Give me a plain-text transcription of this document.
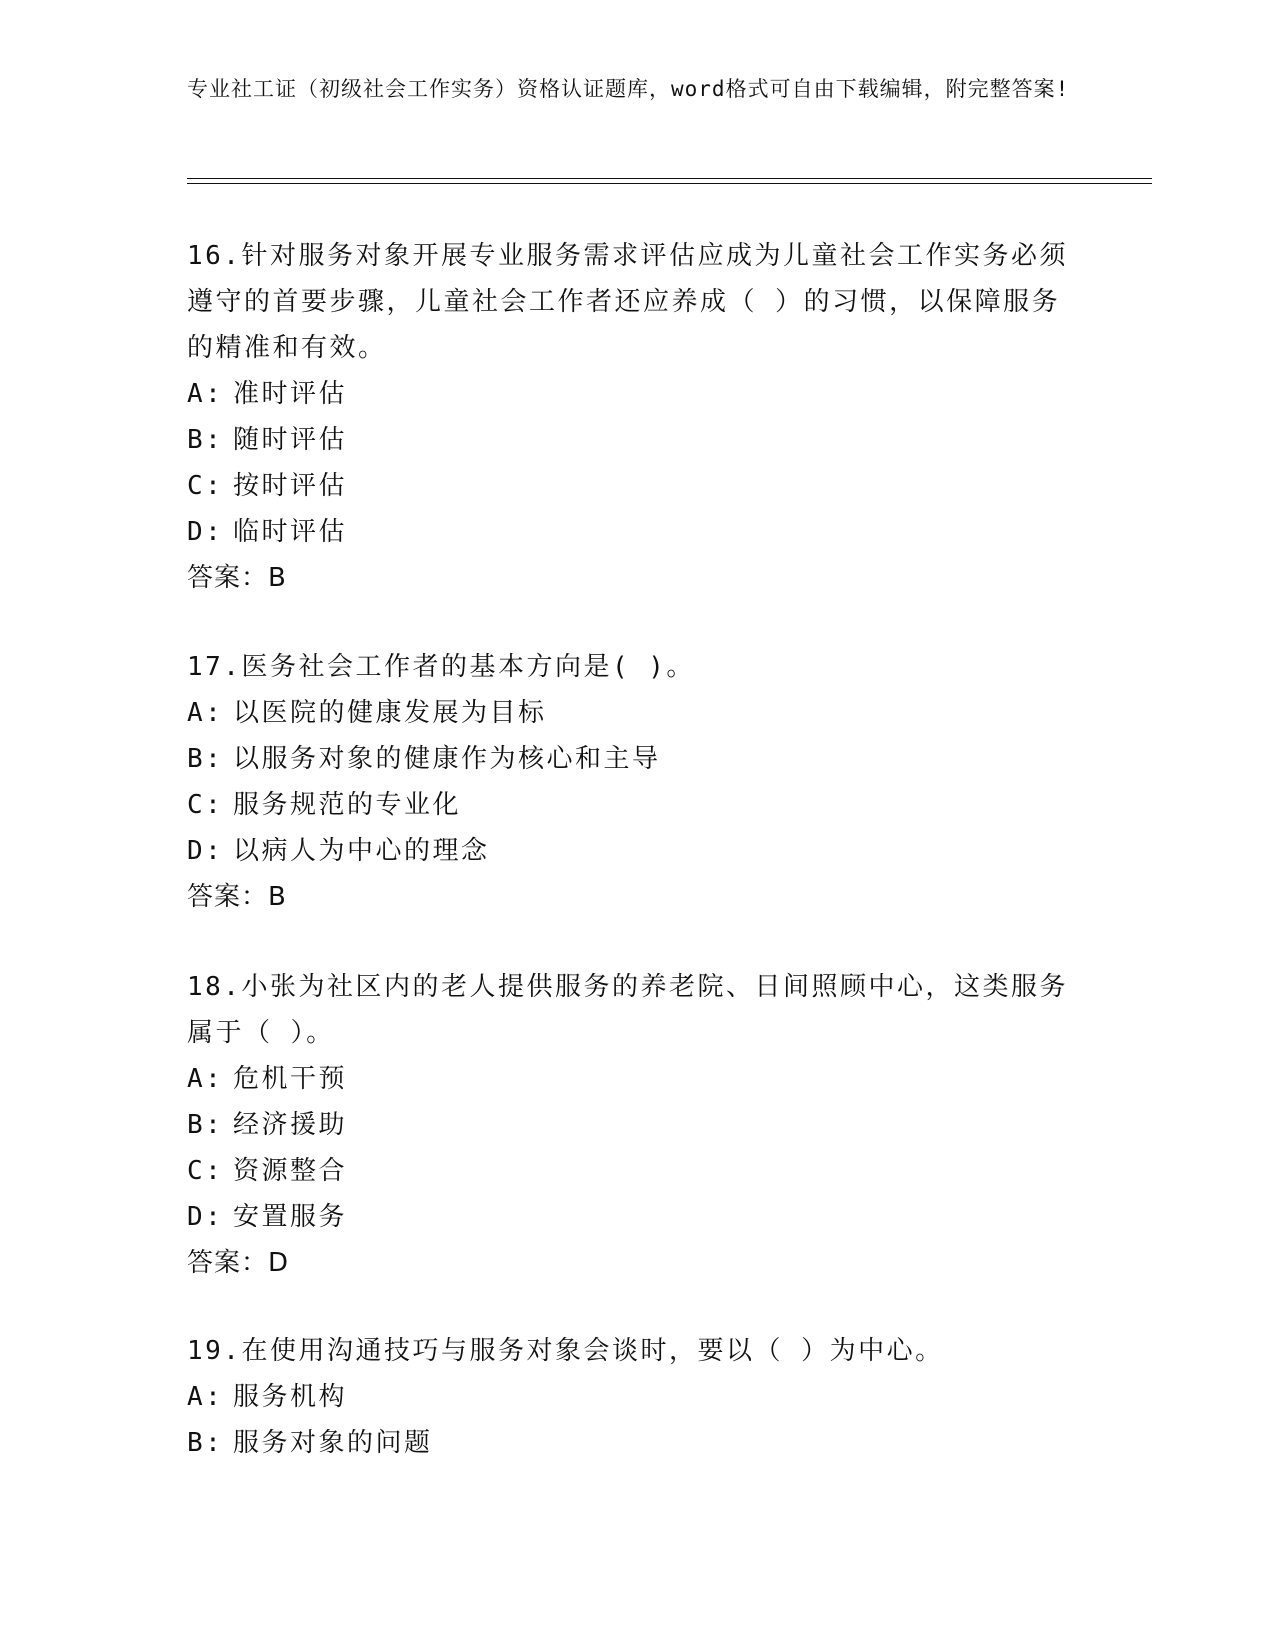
专业社工证（初级社会工作实务）资格认证题库，word格式可自由下载编辑，附完整答案!
16.针对服务对象开展专业服务需求评估应成为儿童社会工作实务必须遵守的首要步骤，儿童社会工作者还应养成（ ）的习惯，以保障服务的精准和有效。
A: 准时评估
B: 随时评估
C: 按时评估
D: 临时评估
答案：B
17.医务社会工作者的基本方向是( )。
A: 以医院的健康发展为目标
B: 以服务对象的健康作为核心和主导
C: 服务规范的专业化
D: 以病人为中心的理念
答案：B
18.小张为社区内的老人提供服务的养老院、日间照顾中心，这类服务属于（ ）。
A: 危机干预
B: 经济援助
C: 资源整合
D: 安置服务
答案：D
19.在使用沟通技巧与服务对象会谈时，要以（ ）为中心。
A: 服务机构
B: 服务对象的问题
